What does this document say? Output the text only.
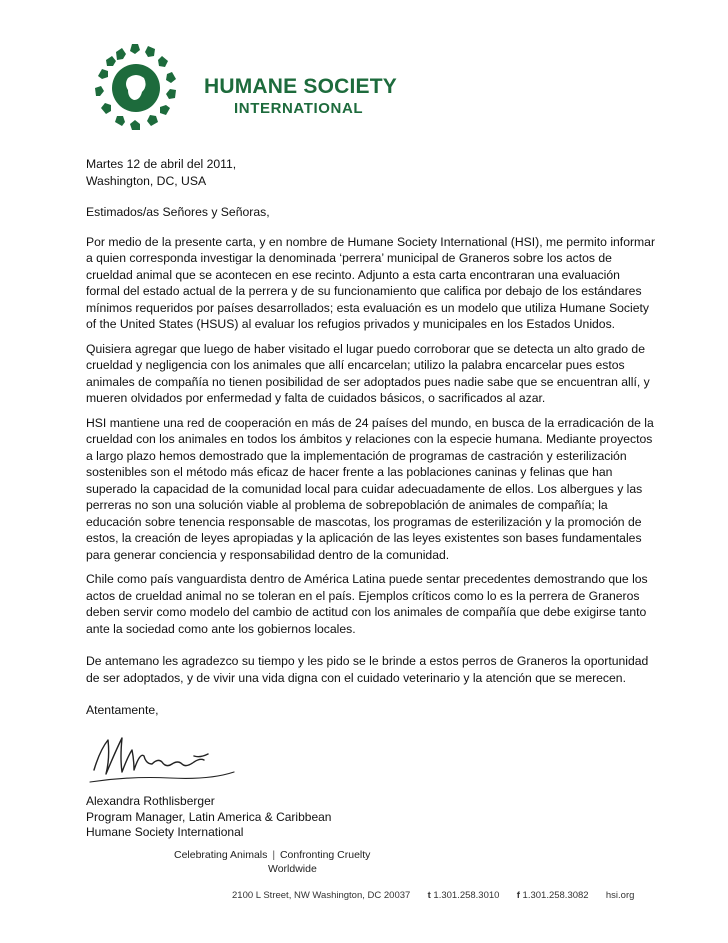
HUMANE SOCIETY
INTERNATIONAL

Martes 12 de abril del 2011,
Washington, DC, USA

Estimados/as Señores y Señoras,

Por medio de la presente carta, y en nombre de Humane Society International (HSI), me permito informar a quien corresponda investigar la denominada ‘perrera’ municipal de Graneros sobre los actos de crueldad animal que se acontecen en ese recinto. Adjunto a esta carta encontraran una evaluación formal del estado actual de la perrera y de su funcionamiento que califica por debajo de los estándares mínimos requeridos por países desarrollados; esta evaluación es un modelo que utiliza Humane Society of the United States (HSUS) al evaluar los refugios privados y municipales en los Estados Unidos.

Quisiera agregar que luego de haber visitado el lugar puedo corroborar que se detecta un alto grado de crueldad y negligencia con los animales que allí encarcelan; utilizo la palabra encarcelar pues estos animales de compañía no tienen posibilidad de ser adoptados pues nadie sabe que se encuentran allí, y mueren olvidados por enfermedad y falta de cuidados básicos, o sacrificados al azar.

HSI mantiene una red de cooperación en más de 24 países del mundo, en busca de la erradicación de la crueldad con los animales en todos los ámbitos y relaciones con la especie humana. Mediante proyectos a largo plazo hemos demostrado que la implementación de programas de castración y esterilización sostenibles son el método más eficaz de hacer frente a las poblaciones caninas y felinas que han superado la capacidad de la comunidad local para cuidar adecuadamente de ellos. Los albergues y las perreras no son una solución viable al problema de sobrepoblación de animales de compañía; la educación sobre tenencia responsable de mascotas, los programas de esterilización y la promoción de estos, la creación de leyes apropiadas y la aplicación de las leyes existentes son bases fundamentales para generar conciencia y responsabilidad dentro de la comunidad.

Chile como país vanguardista dentro de América Latina puede sentar precedentes demostrando que los actos de crueldad animal no se toleran en el país. Ejemplos críticos como lo es la perrera de Graneros deben servir como modelo del cambio de actitud con los animales de compañía que debe exigirse tanto ante la sociedad como ante los gobiernos locales.

De antemano les agradezco su tiempo y les pido se le brinde a estos perros de Graneros la oportunidad de ser adoptados, y de vivir una vida digna con el cuidado veterinario y la atención que se merecen.

Atentamente,

Alexandra Rothlisberger
Program Manager, Latin America & Caribbean
Humane Society International
Celebrating Animals | Confronting Cruelty
Worldwide
2100 L Street, NW Washington, DC 20037 t 1.301.258.3010 f 1.301.258.3082 hsi.org
